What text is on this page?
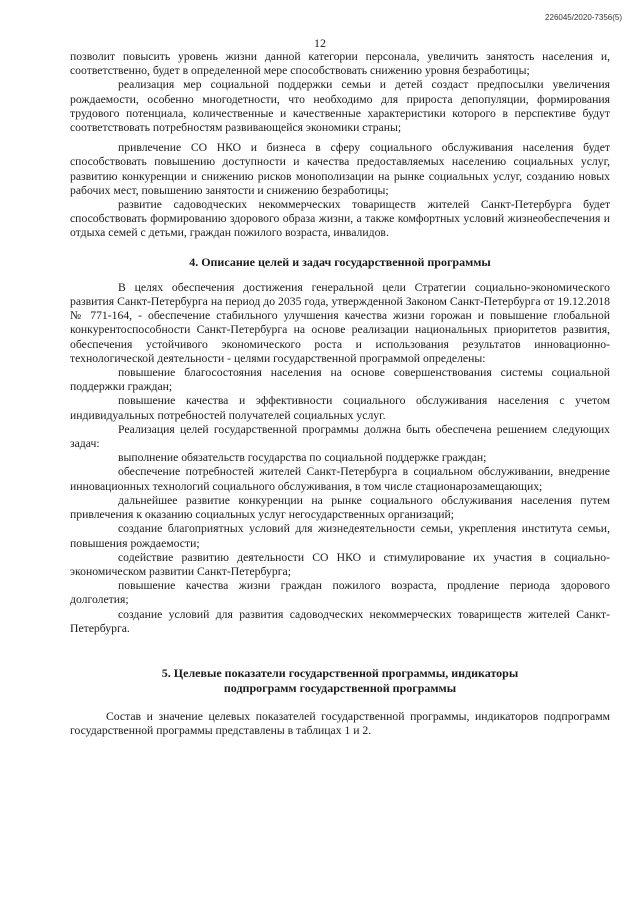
226045/2020-7356(5)
12

позволит повысить уровень жизни данной категории персонала, увеличить занятость населения и, соответственно, будет в определенной мере способствовать снижению уровня безработицы;

реализация мер социальной поддержки семьи и детей создаст предпосылки увеличения рождаемости, особенно многодетности, что необходимо для прироста депопуляции, формирования трудового потенциала, количественные и качественные характеристики которого в перспективе будут соответствовать потребностям развивающейся экономики страны;

привлечение СО НКО и бизнеса в сферу социального обслуживания населения будет способствовать повышению доступности и качества предоставляемых населению социальных услуг, развитию конкуренции и снижению рисков монополизации на рынке социальных услуг, созданию новых рабочих мест, повышению занятости и снижению безработицы;

развитие садоводческих некоммерческих товариществ жителей Санкт-Петербурга будет способствовать формированию здорового образа жизни, а также комфортных условий жизнеобеспечения и отдыха семей с детьми, граждан пожилого возраста, инвалидов.

4. Описание целей и задач государственной программы

В целях обеспечения достижения генеральной цели Стратегии социально-экономического развития Санкт-Петербурга на период до 2035 года, утвержденной Законом Санкт-Петербурга от 19.12.2018 № 771-164, - обеспечение стабильного улучшения качества жизни горожан и повышение глобальной конкурентоспособности Санкт-Петербурга на основе реализации национальных приоритетов развития, обеспечения устойчивого экономического роста и использования результатов инновационно-технологической деятельности - целями государственной программой определены:

повышение благосостояния населения на основе совершенствования системы социальной поддержки граждан;

повышение качества и эффективности социального обслуживания населения с учетом индивидуальных потребностей получателей социальных услуг.

Реализация целей государственной программы должна быть обеспечена решением следующих задач:

выполнение обязательств государства по социальной поддержке граждан;

обеспечение потребностей жителей Санкт-Петербурга в социальном обслуживании, внедрение инновационных технологий социального обслуживания, в том числе стационарозамещающих;

дальнейшее развитие конкуренции на рынке социального обслуживания населения путем привлечения к оказанию социальных услуг негосударственных организаций;

создание благоприятных условий для жизнедеятельности семьи, укрепления института семьи, повышения рождаемости;

содействие развитию деятельности СО НКО и стимулирование их участия в социально-экономическом развитии Санкт-Петербурга;

повышение качества жизни граждан пожилого возраста, продление периода здорового долголетия;

создание условий для развития садоводческих некоммерческих товариществ жителей Санкт-Петербурга.

5. Целевые показатели государственной программы, индикаторы
подпрограмм государственной программы

Состав и значение целевых показателей государственной программы, индикаторов подпрограмм государственной программы представлены в таблицах 1 и 2.
